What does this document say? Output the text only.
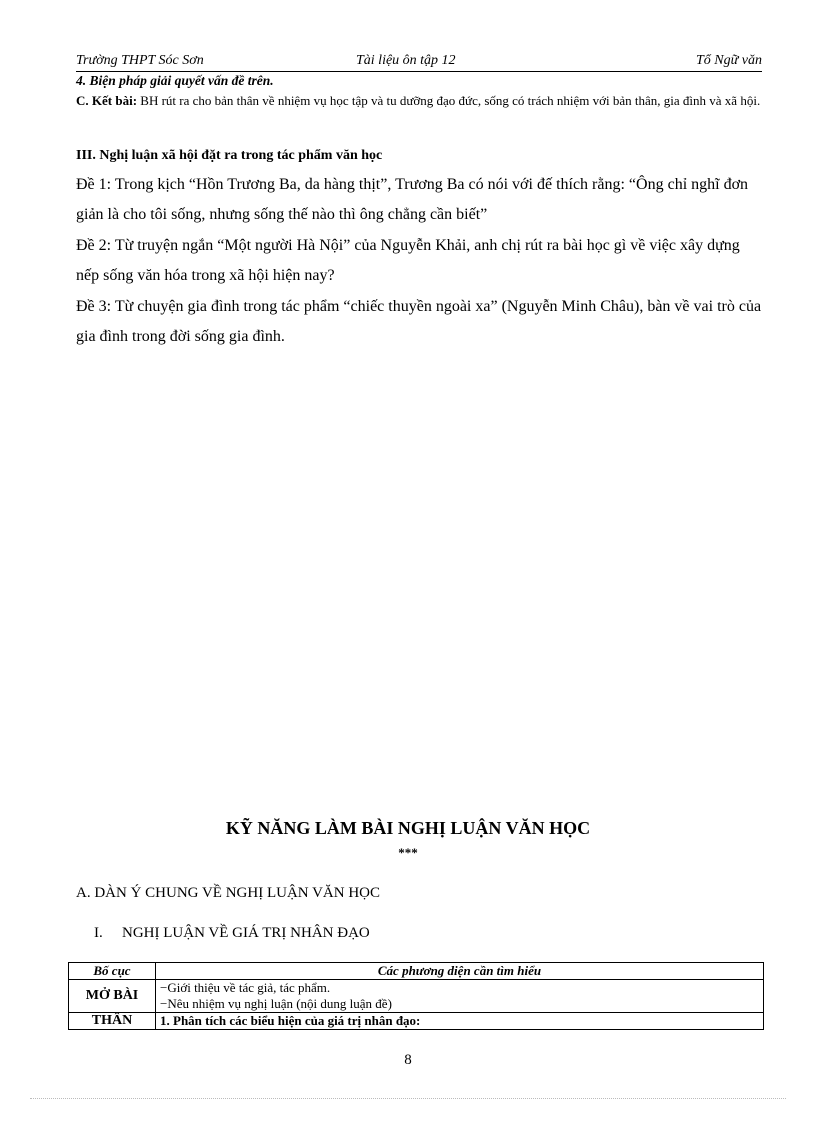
Trường THPT Sóc Sơn	Tài liệu ôn tập 12	Tổ Ngữ văn
4. Biện pháp giải quyết vấn đề trên.
C. Kết bài: BH rút ra cho bản thân về nhiệm vụ học tập và tu dưỡng đạo đức, sống có trách nhiệm với bản thân, gia đình và xã hội.
III. Nghị luận xã hội đặt ra trong tác phẩm văn học
Đề 1: Trong kịch “Hồn Trương Ba, da hàng thịt”, Trương Ba có nói với đế thích rằng: “Ông chỉ nghĩ đơn giản là cho tôi sống, nhưng sống thế nào thì ông chẳng cần biết”
Đề 2: Từ truyện ngắn “Một người Hà Nội” của Nguyễn Khải, anh chị rút ra bài học gì về việc xây dựng nếp sống văn hóa trong xã hội hiện nay?
Đề 3: Từ chuyện gia đình trong tác phẩm “chiếc thuyền ngoài xa” (Nguyễn Minh Châu), bàn về vai trò của gia đình trong đời sống gia đình.
KỸ NĂNG LÀM BÀI NGHỊ LUẬN VĂN HỌC
***
A. DÀN Ý CHUNG VỀ NGHỊ LUẬN VĂN HỌC
I.	NGHỊ LUẬN VỀ GIÁ TRỊ NHÂN ĐẠO
Bố cục	Các phương diện cần tìm hiểu
MỞ BÀI	−Giới thiệu về tác giả, tác phẩm.
−Nêu nhiệm vụ nghị luận (nội dung luận đề)

THÂN	1. Phân tích các biểu hiện của giá trị nhân đạo:
8
